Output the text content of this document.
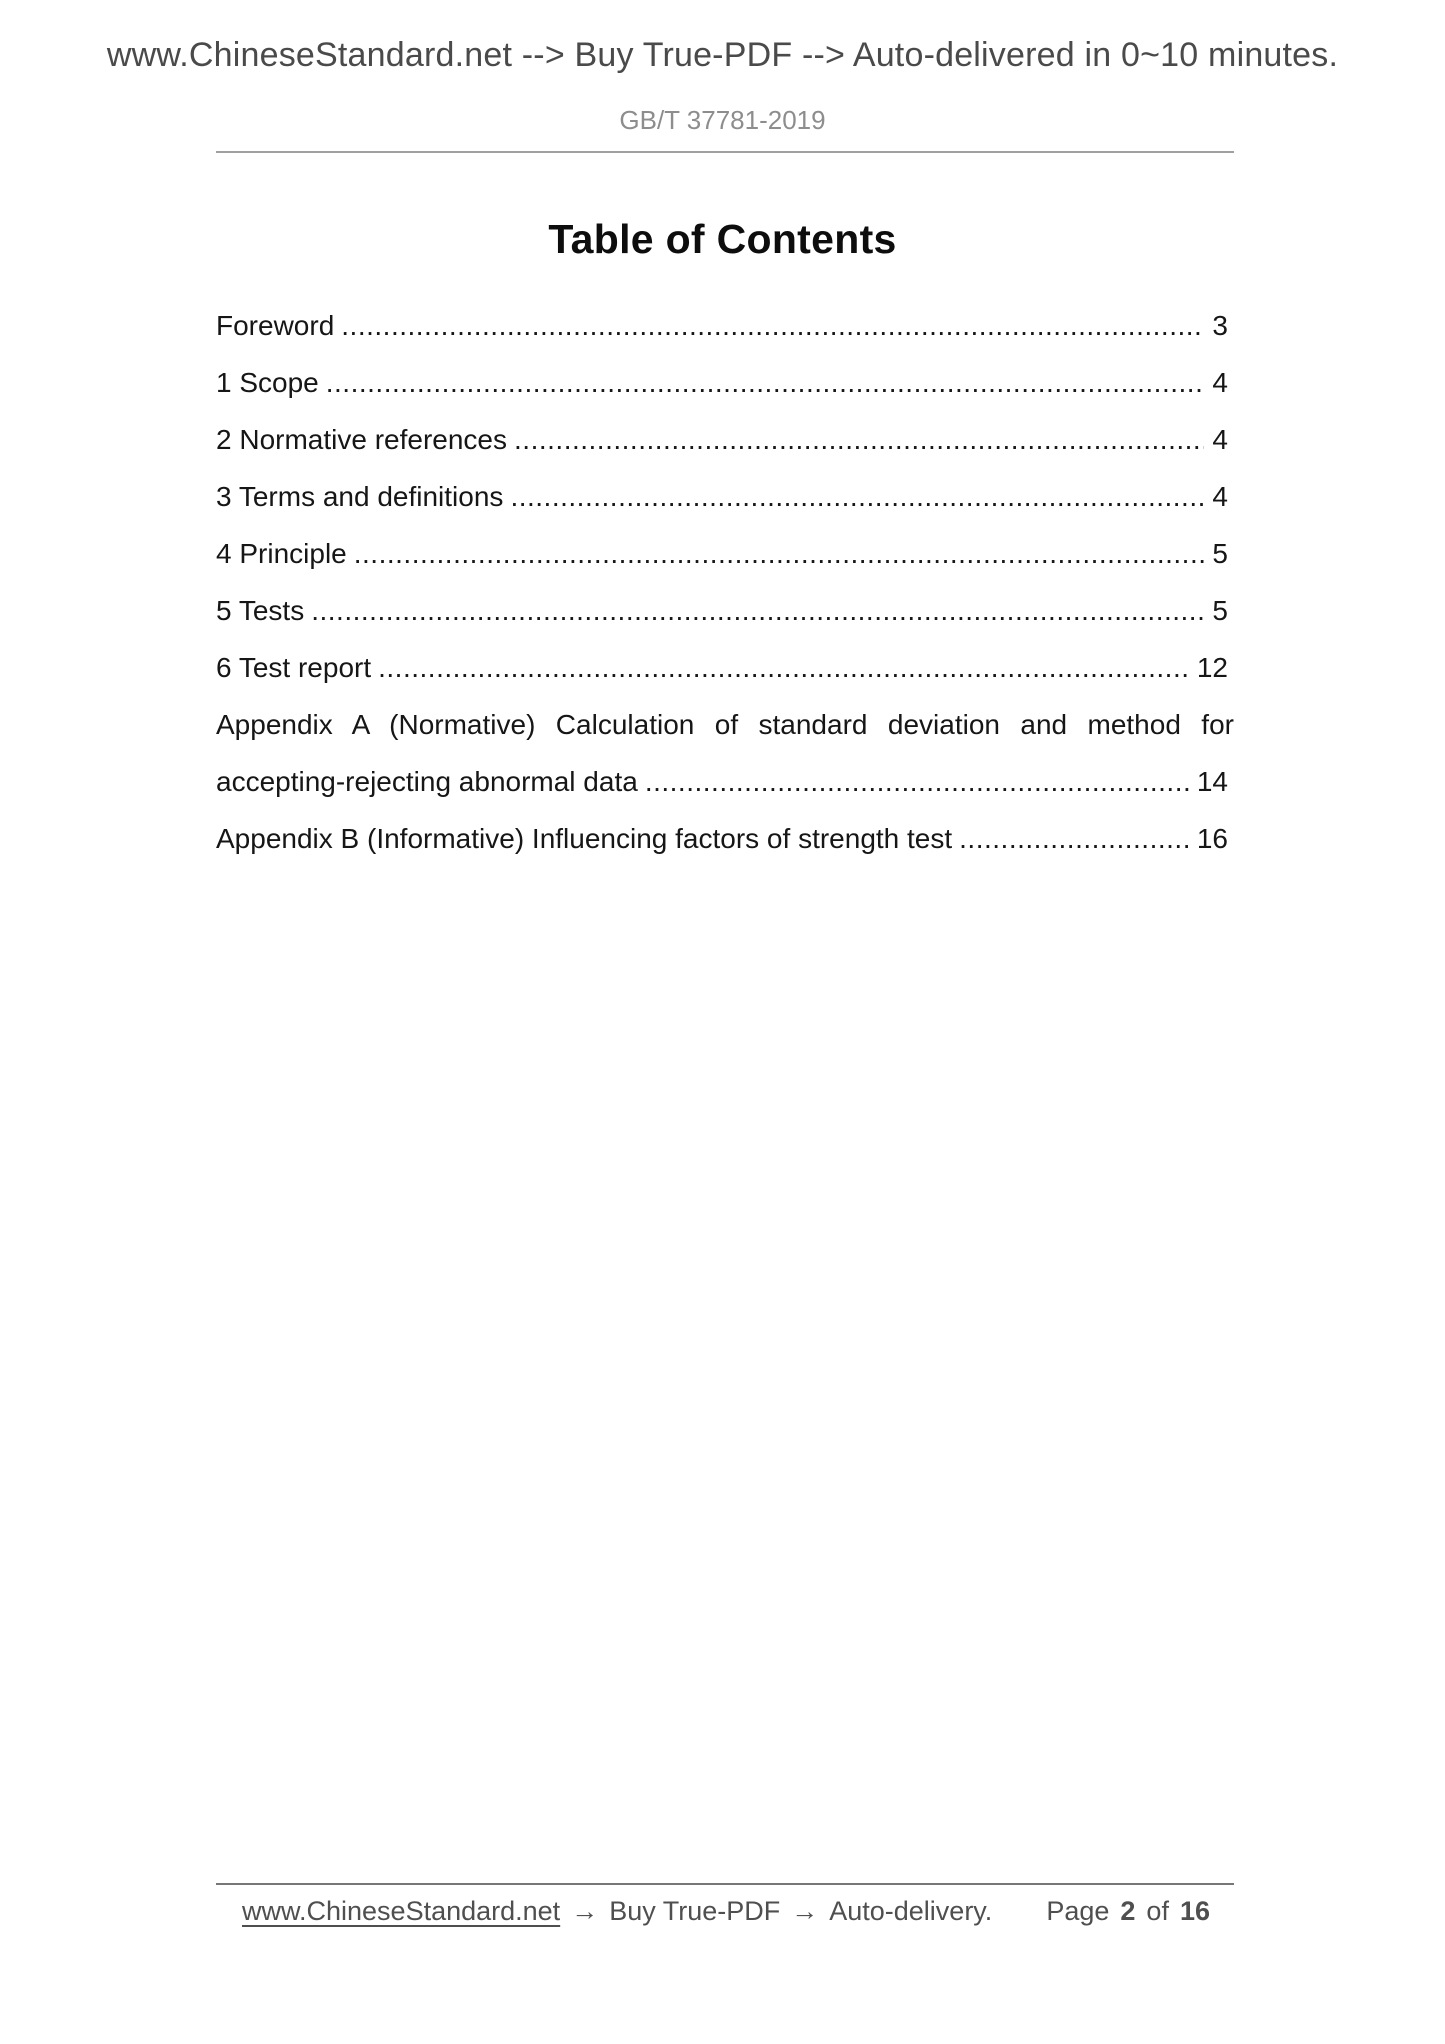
www.ChineseStandard.net --> Buy True-PDF --> Auto-delivered in 0~10 minutes.
GB/T 37781-2019
Table of Contents
Foreword .....	3
1 Scope .....	4
2 Normative references .....	4
3 Terms and definitions .....	4
4 Principle .....	5
5 Tests .....	5
6 Test report .....	12
Appendix A (Normative) Calculation of standard deviation and method for
accepting-rejecting abnormal data .....	14
Appendix B (Informative) Influencing factors of strength test .....	16
www.ChineseStandard.net → Buy True-PDF → Auto-delivery. Page 2 of 16
